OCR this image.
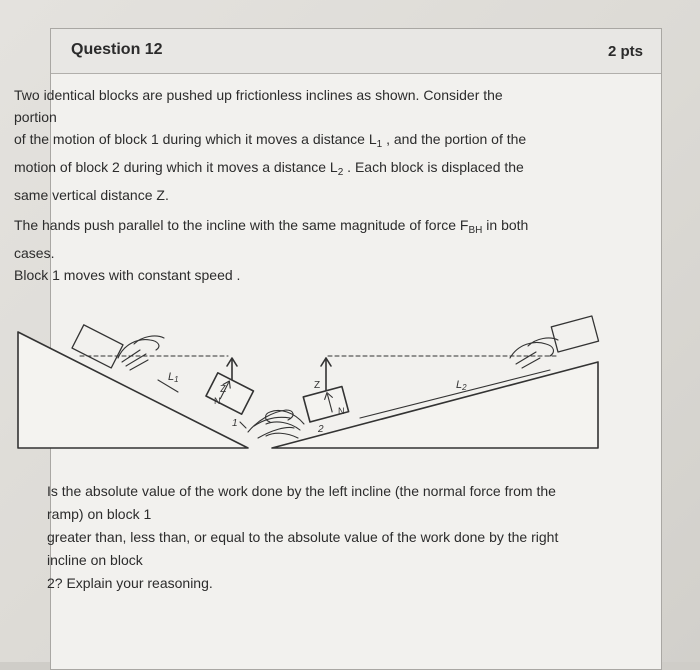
Question 12	2 pts

Two identical blocks are pushed up frictionless inclines as shown. Consider the

portion

of the motion of block 1 during which it moves a distance $L_1$ , and the portion of the

motion of block 2 during which it moves a distance $L_2$ . Each block is displaced the

same vertical distance Z.

The hands push parallel to the incline with the same magnitude of force $F_{BH}$ in both

cases.

Block 1 moves with constant speed .

L1
Z
N
1
L2
Z
N
2

Is the absolute value of the work done by the left incline (the normal force from the

ramp) on block 1

greater than, less than, or equal to the absolute value of the work done by the right

incline on block

2? Explain your reasoning.
